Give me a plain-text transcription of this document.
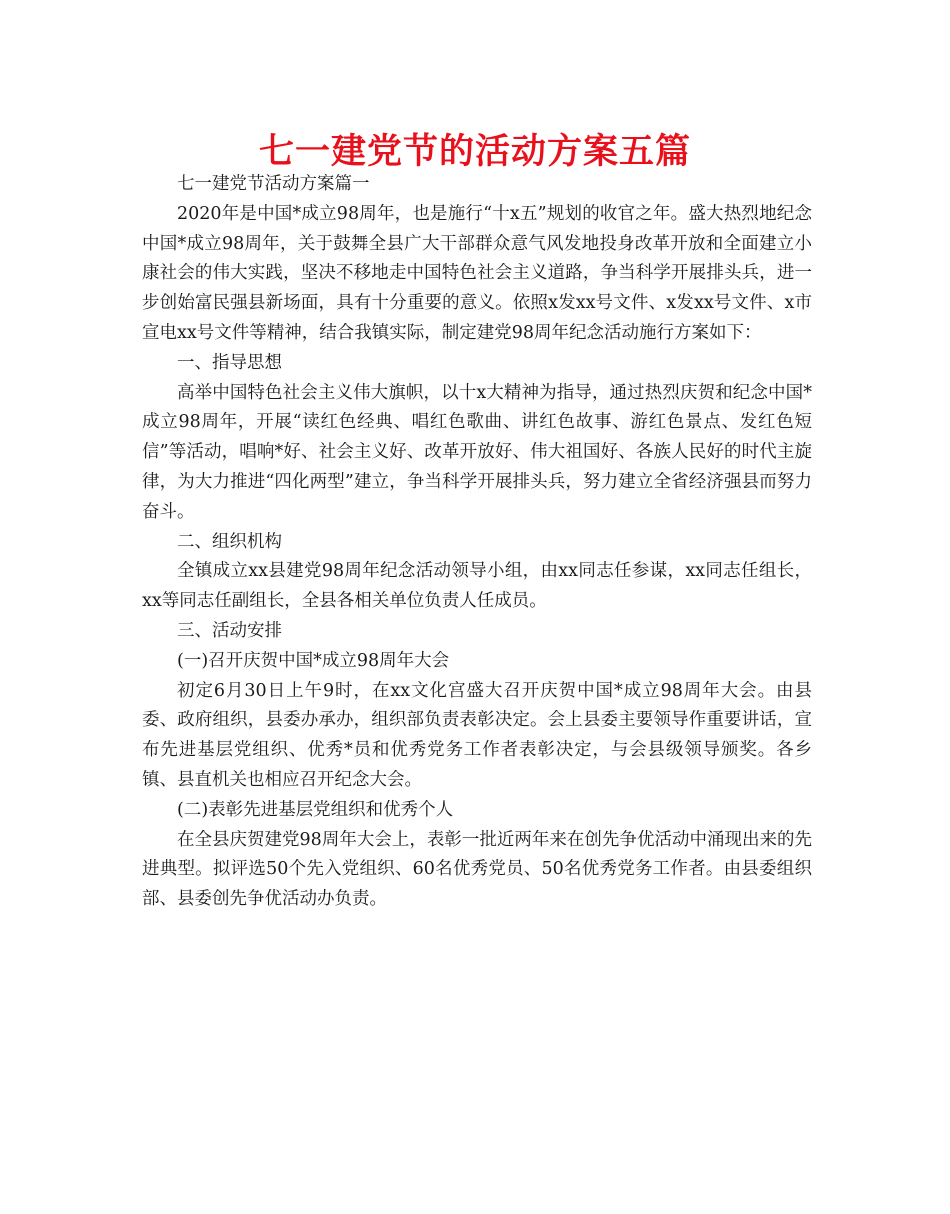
七一建党节的活动方案五篇

七一建党节活动方案篇一

2020年是中国*成立98周年，也是施行“十x五”规划的收官之年。盛大热烈地纪念中国*成立98周年，关于鼓舞全县广大干部群众意气风发地投身改革开放和全面建立小康社会的伟大实践，坚决不移地走中国特色社会主义道路，争当科学开展排头兵，进一步创始富民强县新场面，具有十分重要的意义。依照x发xx号文件、x发xx号文件、x市宣电xx号文件等精神，结合我镇实际，制定建党98周年纪念活动施行方案如下：

一、指导思想

高举中国特色社会主义伟大旗帜，以十x大精神为指导，通过热烈庆贺和纪念中国*成立98周年，开展“读红色经典、唱红色歌曲、讲红色故事、游红色景点、发红色短信”等活动，唱响*好、社会主义好、改革开放好、伟大祖国好、各族人民好的时代主旋律，为大力推进“四化两型”建立，争当科学开展排头兵，努力建立全省经济强县而努力奋斗。

二、组织机构

全镇成立xx县建党98周年纪念活动领导小组，由xx同志任参谋，xx同志任组长，xx等同志任副组长，全县各相关单位负责人任成员。

三、活动安排

(一)召开庆贺中国*成立98周年大会

初定6月30日上午9时，在xx文化宫盛大召开庆贺中国*成立98周年大会。由县委、政府组织，县委办承办，组织部负责表彰决定。会上县委主要领导作重要讲话，宣布先进基层党组织、优秀*员和优秀党务工作者表彰决定，与会县级领导颁奖。各乡镇、县直机关也相应召开纪念大会。

(二)表彰先进基层党组织和优秀个人

在全县庆贺建党98周年大会上，表彰一批近两年来在创先争优活动中涌现出来的先进典型。拟评选50个先入党组织、60名优秀党员、50名优秀党务工作者。由县委组织部、县委创先争优活动办负责。
